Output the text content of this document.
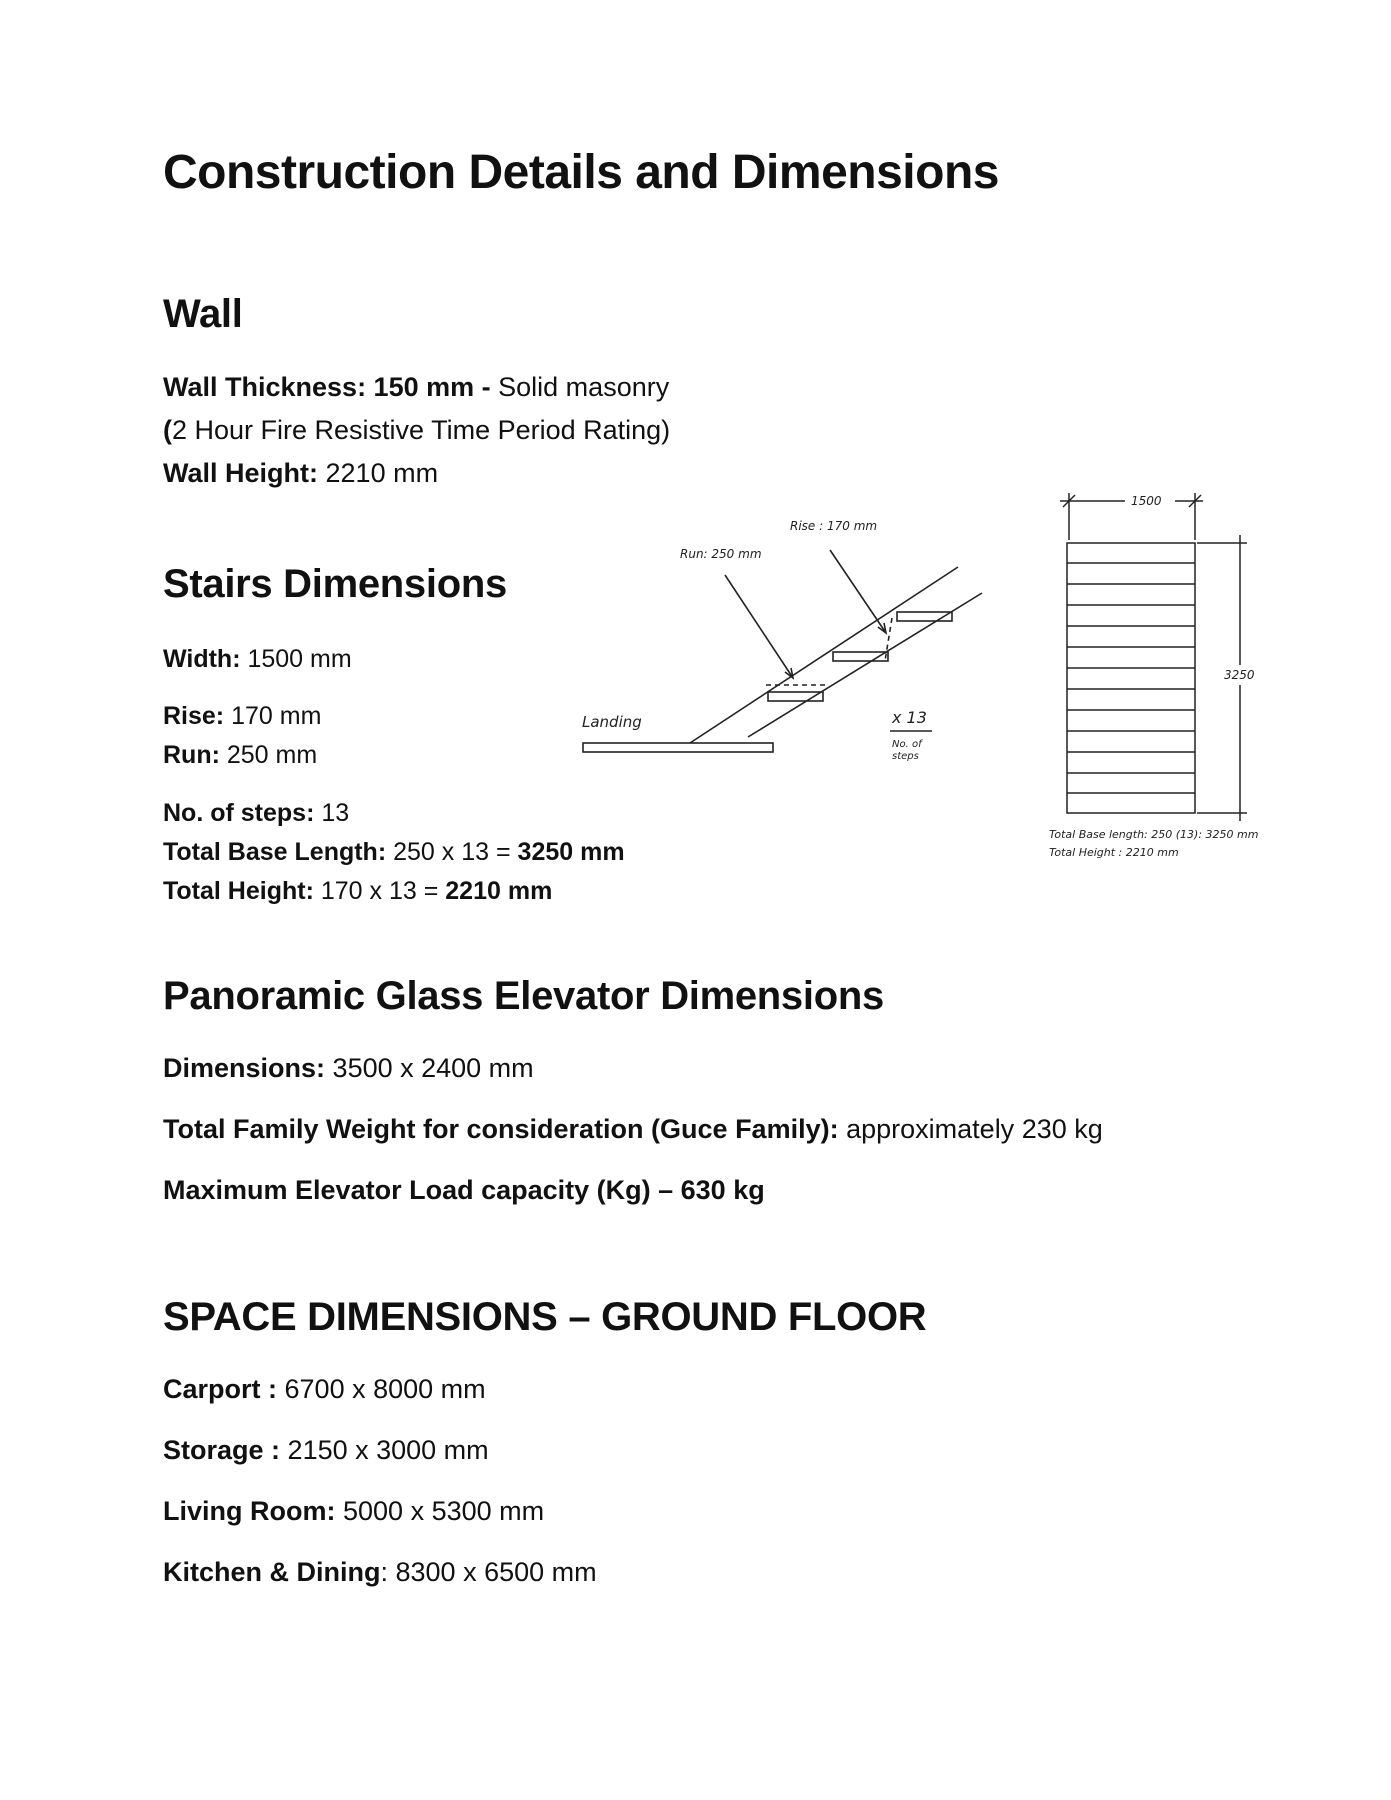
Construction Details and Dimensions
Wall
Wall Thickness: 150 mm - Solid masonry
(2 Hour Fire Resistive Time Period Rating)
Wall Height: 2210 mm
Stairs Dimensions
Width: 1500 mm
Rise: 170 mm
Run: 250 mm
No. of steps: 13
Total Base Length: 250 x 13 = 3250 mm
Total Height: 170 x 13 = 2210 mm
Rise : 170 mm
Run: 250 mm
Landing	x 13
No. of
steps
1500
3250
Total Base length: 250 (13): 3250 mm
Total Height : 2210 mm
Panoramic Glass Elevator Dimensions
Dimensions: 3500 x 2400 mm
Total Family Weight for consideration (Guce Family): approximately 230 kg
Maximum Elevator Load capacity (Kg) – 630 kg
SPACE DIMENSIONS – GROUND FLOOR
Carport : 6700 x 8000 mm
Storage : 2150 x 3000 mm
Living Room: 5000 x 5300 mm
Kitchen & Dining: 8300 x 6500 mm
